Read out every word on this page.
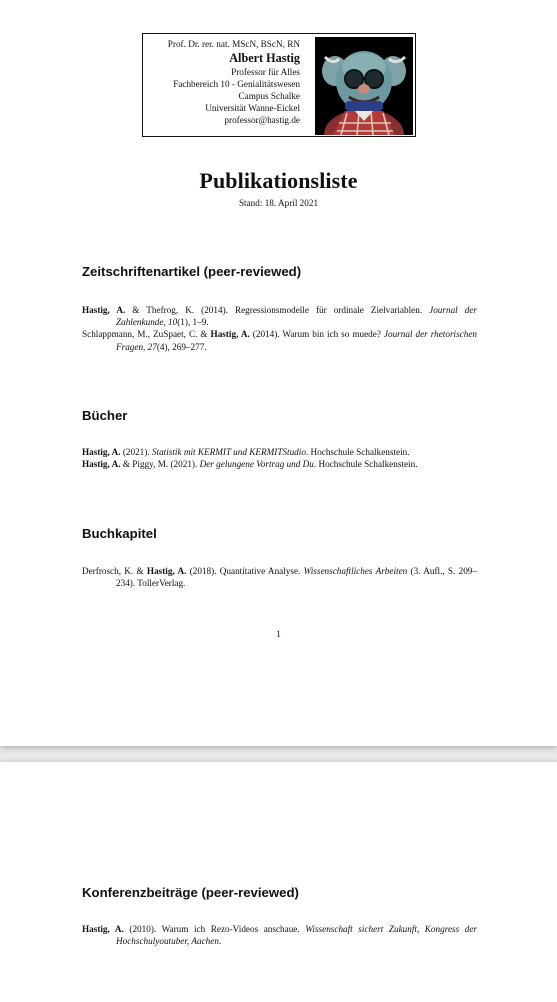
Prof. Dr. rer. nat. MScN, BScN, RN
Albert Hastig
Professor für Alles
Fachbereich 10 - Genialitätswesen
Campus Schalke
Universität Wanne-Eickel
professor@hastig.de
Publikationsliste
Stand: 18. April 2021
Zeitschriftenartikel (peer-reviewed)
Hastig, A. & Thefrog, K. (2014). Regressionsmodelle für ordinale Zielvariablen. Journal der Zahlenkunde, 10(1), 1–9.
Schlappmann, M., ZuSpaet, C. & Hastig, A. (2014). Warum bin ich so muede? Journal der rhetorischen Fragen, 27(4), 269–277.
Bücher
Hastig, A. (2021). Statistik mit KERMIT und KERMITStudio. Hochschule Schalkenstein.
Hastig, A. & Piggy, M. (2021). Der gelungene Vortrag und Du. Hochschule Schalkenstein.
Buchkapitel
Derfrosch, K. & Hastig, A. (2018). Quantitative Analyse. Wissenschaftliches Arbeiten (3. Aufl., S. 209–234). TollerVerlag.
1
Konferenzbeiträge (peer-reviewed)
Hastig, A. (2010). Warum ich Rezo-Videos anschaue. Wissenschaft sichert Zukunft, Kongress der Hochschulyoutuber, Aachen.
